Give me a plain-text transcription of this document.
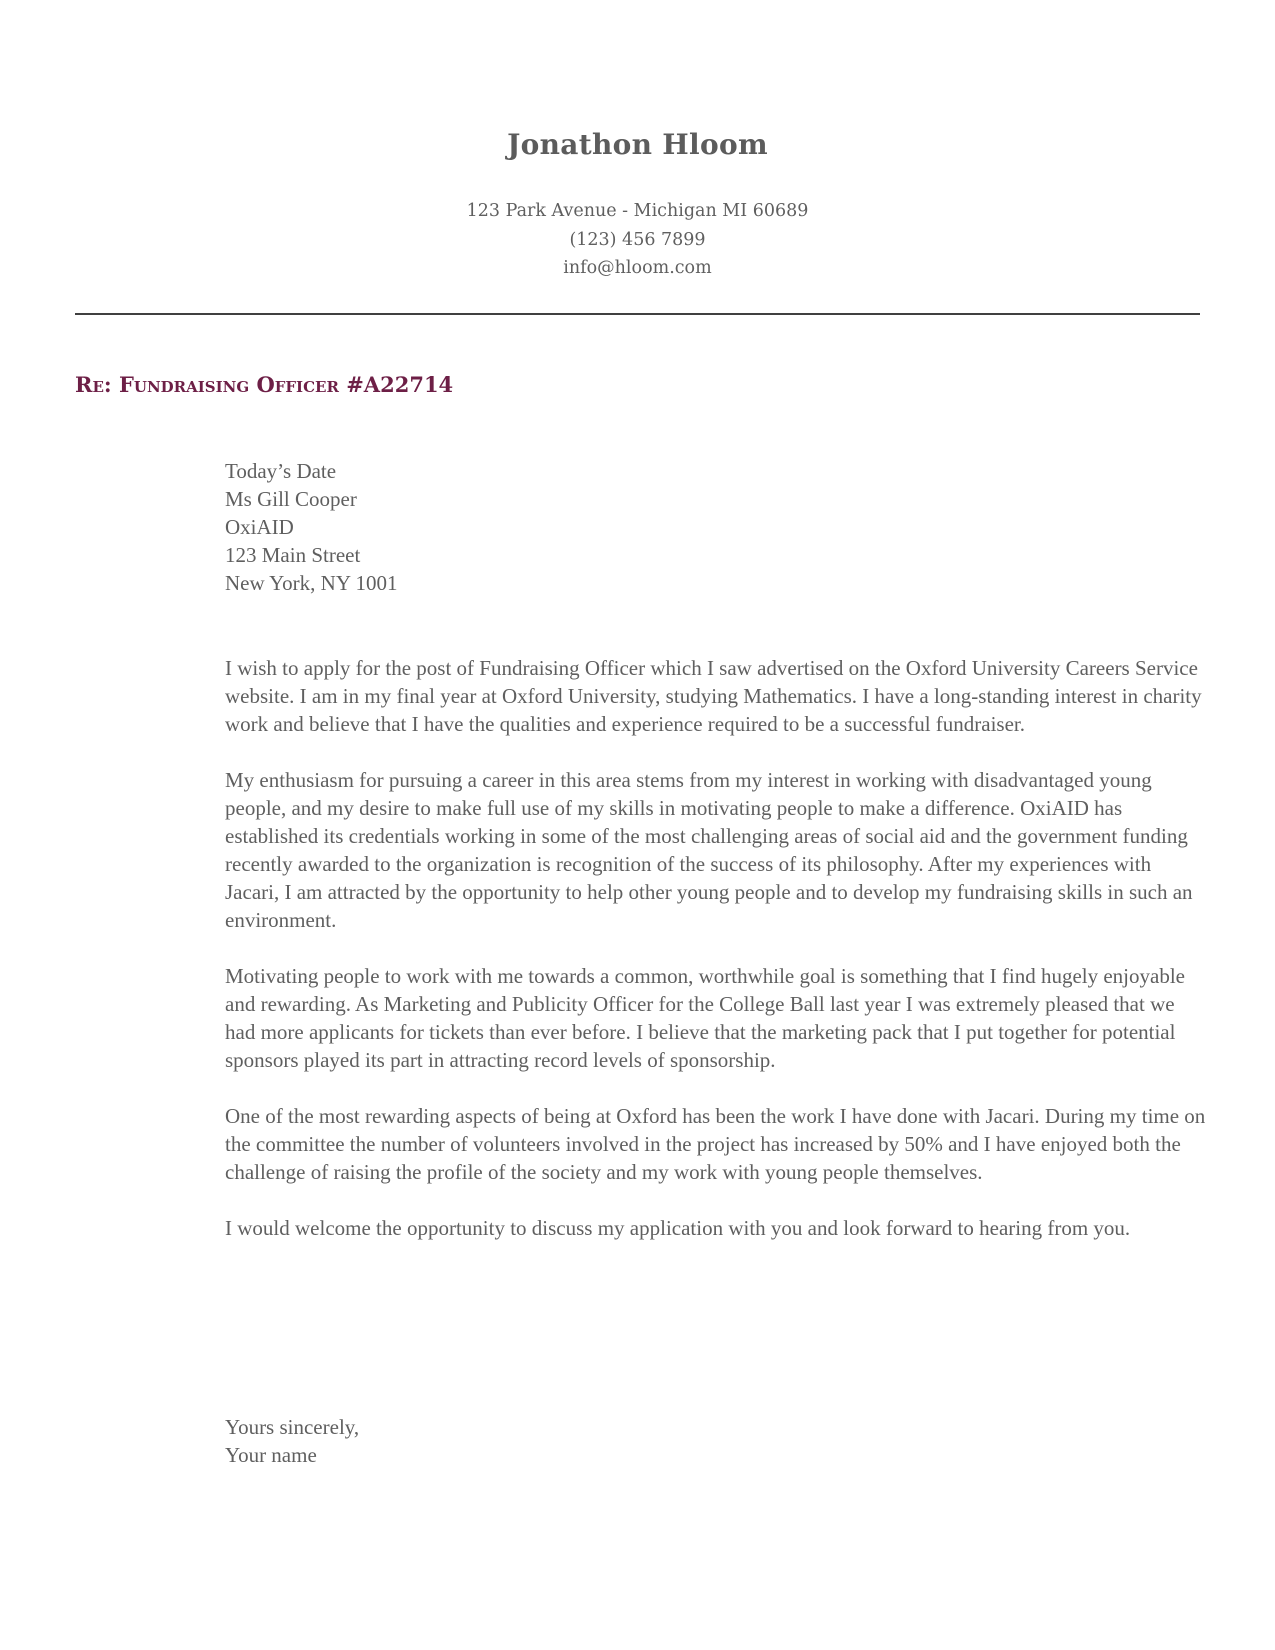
Jonathon Hloom
123 Park Avenue - Michigan MI 60689
(123) 456 7899
info@hloom.com
Re: Fundraising Officer #A22714
Today’s Date
Ms Gill Cooper
OxiAID
123 Main Street
New York, NY 1001

I wish to apply for the post of Fundraising Officer which I saw advertised on the Oxford University Careers Service website. I am in my final year at Oxford University, studying Mathematics. I have a long-standing interest in charity work and believe that I have the qualities and experience required to be a successful fundraiser.

My enthusiasm for pursuing a career in this area stems from my interest in working with disadvantaged young people, and my desire to make full use of my skills in motivating people to make a difference. OxiAID has established its credentials working in some of the most challenging areas of social aid and the government funding recently awarded to the organization is recognition of the success of its philosophy. After my experiences with Jacari, I am attracted by the opportunity to help other young people and to develop my fundraising skills in such an environment.

Motivating people to work with me towards a common, worthwhile goal is something that I find hugely enjoyable and rewarding. As Marketing and Publicity Officer for the College Ball last year I was extremely pleased that we had more applicants for tickets than ever before. I believe that the marketing pack that I put together for potential sponsors played its part in attracting record levels of sponsorship.

One of the most rewarding aspects of being at Oxford has been the work I have done with Jacari. During my time on the committee the number of volunteers involved in the project has increased by 50% and I have enjoyed both the challenge of raising the profile of the society and my work with young people themselves.

I would welcome the opportunity to discuss my application with you and look forward to hearing from you.

Yours sincerely,
Your name
